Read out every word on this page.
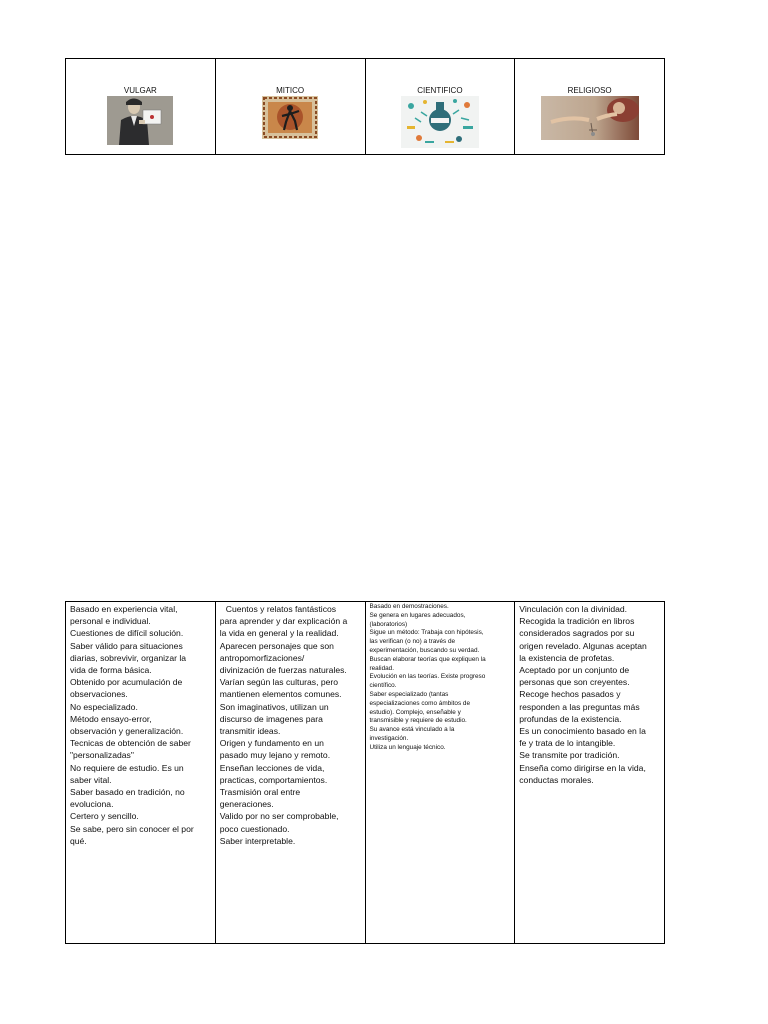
VULGAR	MITICO	CIENTIFICO	RELIGIOSO
Basado en experiencia vital,
personal e individual.
Cuestiones de difícil solución.
Saber válido para situaciones
diarias, sobrevivir, organizar la
vida de forma básica.
Obtenido por acumulación de
observaciones.
No especializado.
Método ensayo-error,
observación y generalización.
Tecnicas de obtención de saber
"personalizadas"
No requiere de estudio. Es un
saber vital.
Saber basado en tradición, no
evoluciona.
Certero y sencillo.
Se sabe, pero sin conocer el por
qué.

Cuentos y relatos fantásticos
para aprender y dar explicación a
la vida en general y la realidad.
Aparecen personajes que son
antropomorfizaciones/
divinización de fuerzas naturales.
Varían según las culturas, pero
mantienen elementos comunes.
Son imaginativos, utilizan un
discurso de imagenes para
transmitir ideas.
Origen y fundamento en un
pasado muy lejano y remoto.
Enseñan lecciones de vida,
practicas, comportamientos.
Trasmisión oral entre
generaciones.
Valido por no ser comprobable,
poco cuestionado.
Saber interpretable.

Basado en demostraciones.
Se genera en lugares adecuados,
(laboratorios)
Sigue un método: Trabaja con hipótesis,
las verifican (o no) a través de
experimentación, buscando su verdad.
Buscan elaborar teorías que expliquen la
realidad.
Evolución en las teorías. Existe progreso
científico.
Saber especializado (tantas
especializaciones como ámbitos de
estudio). Complejo, enseñable y
transmisible y requiere de estudio.
Su avance está vinculado a la
investigación.
Utiliza un lenguaje técnico.

Vinculación con la divinidad.
Recogida la tradición en libros
considerados sagrados por su
origen revelado. Algunas aceptan
la existencia de profetas.
Aceptado por un conjunto de
personas que son creyentes.
Recoge hechos pasados y
responden a las preguntas más
profundas de la existencia.
Es un conocimiento basado en la
fe y trata de lo intangible.
Se transmite por tradición.
Enseña como dirigirse en la vida,
conductas morales.
